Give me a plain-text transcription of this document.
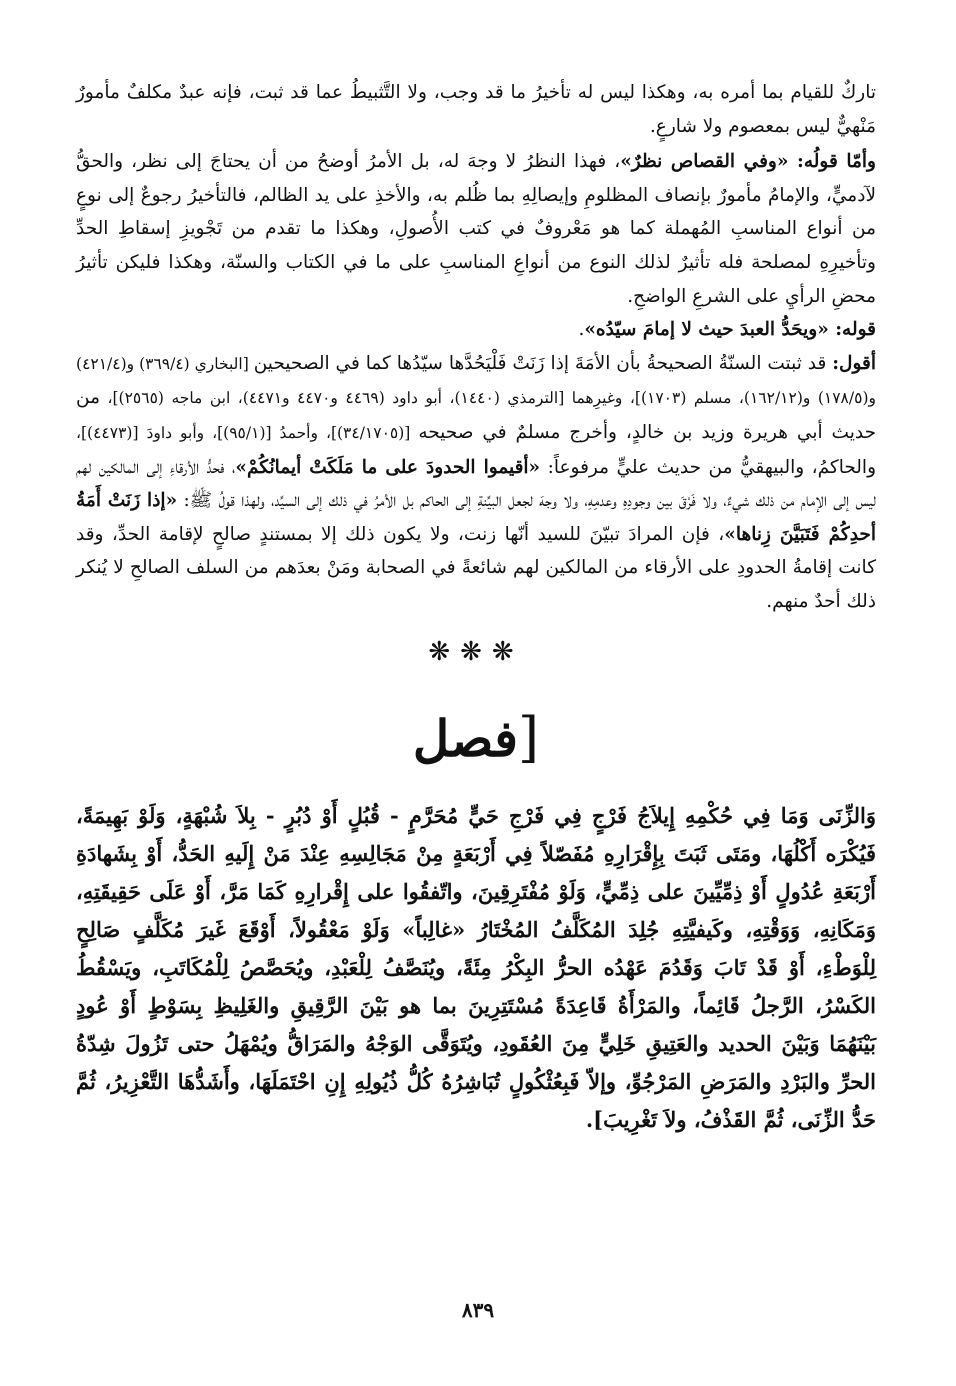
تاركٌ للقيام بما أمره به، وهكذا ليس له تأخيرُ ما قد وجب، ولا التَّثبيطُ عما قد ثبت، فإنه عبدٌ مكلفٌ مأمورٌ مَنْهيٌّ ليس بمعصوم ولا شارعٍ.

وأمّا قولُه: «وفي القصاص نظرٌ»، فهذا النظرُ لا وجهَ له، بل الأمرُ أوضحُ من أن يحتاجَ إلى نظر، والحقُّ لآدميٍّ، والإمامُ مأمورٌ بإنصاف المظلومِ وإيصالِهِ بما ظُلم به، والأخذِ على يد الظالم، فالتأخيرُ رجوعٌ إلى نوعٍ من أنواع المناسبِ المُهملة كما هو مَعْروفٌ في كتب الأُصولِ، وهكذا ما تقدم من تَجْويزِ إسقاطِ الحدِّ وتأخيرِهِ لمصلحة فله تأثيرٌ لذلك النوع من أنواعِ المناسبِ على ما في الكتاب والسنّة، وهكذا فليكن تأثيرُ محضِ الرأيِ على الشرعِ الواضحِ.

قوله: «ويحَدُّ العبدَ حيث لا إمامَ سيّدُه».

أقول: قد ثبتت السنّةُ الصحيحةُ بأن الأمَةَ إذا زَنَتْ فَلْيَحُدَّها سيّدُها كما في الصحيحين [البخاري (٣٦٩/٤) و(٤٢١/٤) و(١٧٨/٥) و(١٦٢/١٢)، مسلم (١٧٠٣)]، وغيرِهما [الترمذي (١٤٤٠)، أبو داود (٤٤٦٩ و٤٤٧٠ و٤٤٧١)، ابن ماجه (٢٥٦٥)]، من حديث أبي هريرة وزيد بن خالدٍ، وأخرج مسلمٌ في صحيحه [(٣٤/١٧٠٥)]، وأحمدُ [(٩٥/١)]، وأبو داودَ [(٤٤٧٣)]، والحاكمُ، والبيهقيُّ من حديث عليٍّ مرفوعاً: «أقيموا الحدودَ على ما مَلَكَتْ أيمانُكُمْ»، فحدُّ الأرقاءِ إلى المالكين لهم ليس إلى الإمام من ذلك شيءٌ، ولا فَرْقَ بين وجودِهِ وعدمِهِ، ولا وجهَ لجعل البيِّنةِ إلى الحاكم بل الأمرُ في ذلك إلى السيِّد، ولهذا قولُ ﷺ: «إذا زَنَتْ أَمَةُ أحدِكُمْ فَتَبَيَّنَ زِناها»، فإن المرادَ تبيّنَ للسيد أنّها زنت، ولا يكون ذلك إلا بمستندٍ صالحٍ لإقامة الحدِّ، وقد كانت إقامةُ الحدودِ على الأرقاء من المالكين لهم شائعةً في الصحابة ومَنْ بعدَهم من السلف الصالحِ لا يُنكر ذلك أحدٌ منهم.

❋❋❋
[فصل

وَالزِّنَى وَمَا فِي حُكْمِهِ إِيلاَجُ فَرْجٍ فِي فَرْجِ حَيٍّ مُحَرَّمٍ - قُبُلٍ أَوْ دُبُرٍ - بِلاَ شُبْهَةٍ، وَلَوْ بَهِيمَةً، فَيُكْرَه أَكْلُهَا، ومَتَى ثَبَتَ بِإِقْرَارِهِ مُفَصّلاً فِي أَرْبَعَةٍ مِنْ مَجَالِسِهِ عِنْدَ مَنْ إِلَيهِ الحَدُّ، أَوْ بِشَهادَةِ أَرْبَعَةِ عُدُولٍ أَوْ ذِمِّيِّينَ على ذِمِّيٍّ، وَلَوْ مُفْتَرِقِينَ، واتّفقُوا على إِقْرارِهِ كَمَا مَرَّ، أَوْ عَلَى حَقِيقَتِهِ، وَمَكَانِهِ، وَوَقْتِهِ، وكَيفيَّتِهِ جُلِدَ المُكَلَّفُ المُخْتَارُ «غالِباً» وَلَوْ مَعْقُولاً، أَوْقَعَ غَيرَ مُكَلَّفٍ صَالِحٍ لِلْوَطْءِ، أَوْ قَدْ تَابَ وَقَدُمَ عَهْدُه الحرُّ البِكْرُ مِئَةً، ويُنَصَّفُ لِلْعَبْدِ، ويُحَصَّصُ لِلْمُكَاتَبِ، ويَسْقُطُ الكَسْرُ، الرَّجلُ قَائِماً، والمَرْأَةُ قَاعِدَةً مُسْتَتِرِينَ بما هو بَيْنَ الرَّقِيقِ والغَلِيظِ بِسَوْطٍ أَوْ عُودٍ بَيْنَهُمَا وَبَيْنَ الحديد والعَتِيقِ خَلِيٍّ مِنَ العُقَودِ، ويُتَوَقَّى الوَجْهُ والمَرَاقُّ ويُمْهَلُ حتى تَزُولَ شِدّةُ الحرِّ والبَرْدِ والمَرَضِ المَرْجُوِّ، وإلاّ فَبِعُثْكُولٍ تُبَاشِرُهُ كُلُّ ذُيُولِهِ إِنِ احْتَمَلَهَا، وأَشَدُّهَا التَّعْزِيرُ، ثُمَّ حَدُّ الزِّنَى، ثُمَّ القَذْفُ، ولاَ تَغْرِيبَ].

٨٣٩
